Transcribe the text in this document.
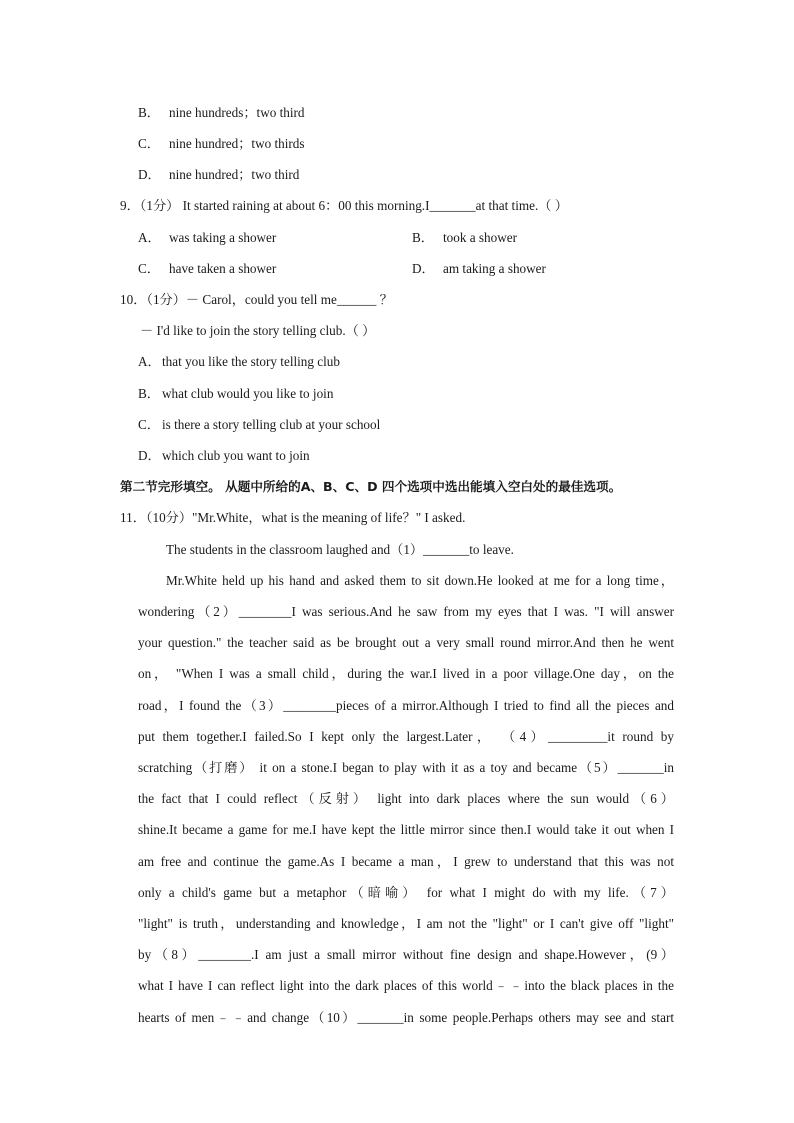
B． nine hundreds；two third
C． nine hundred；two thirds
D． nine hundred；two third
9．（1分） It started raining at about 6：00 this morning.I_______at that time.（ ）
A． was taking a shower	B． took a shower
C． have taken a shower	D． am taking a shower
10．（1分）－ Carol，could you tell me______ ？
－ I'd like to join the story telling club.（ ）
A．that you like the story telling club
B． what club would you like to join
C． is there a story telling club at your school
D．which club you want to join
第二节完形填空。 从题中所给的A、B、C、D 四个选项中选出能填入空白处的最佳选项。
11．（10分）"Mr.White，what is the meaning of life？" I asked.
The students in the classroom laughed and（1）_______to leave.
Mr.White held up his hand and asked them to sit down.He looked at me for a long time，
wondering（2）________I was serious.And he saw from my eyes that I was. "I will answer
your question." the teacher said as be brought out a very small round mirror.And then he went
on， "When I was a small child，during the war.I lived in a poor village.One day，on the
road，I found the（3）________pieces of a mirror.Although I tried to find all the pieces and
put them together.I failed.So I kept only the largest.Later， （4）_________it round by
scratching（打磨） it on a stone.I began to play with it as a toy and became（5）_______in
the fact that I could reflect（反射） light into dark places where the sun would（6）
shine.It became a game for me.I have kept the little mirror since then.I would take it out when I
am free and continue the game.As I became a man，I grew to understand that this was not
only a child's game but a metaphor（暗喻） for what I might do with my life.（7）
"light" is truth，understanding and knowledge，I am not the "light" or I can't give off "light"
by（8）________.I am just a small mirror without fine design and shape.However，(9）
what I have I can reflect light into the dark places of this world﹣﹣into the black places in the
hearts of men﹣﹣and change（10）_______in some people.Perhaps others may see and start
